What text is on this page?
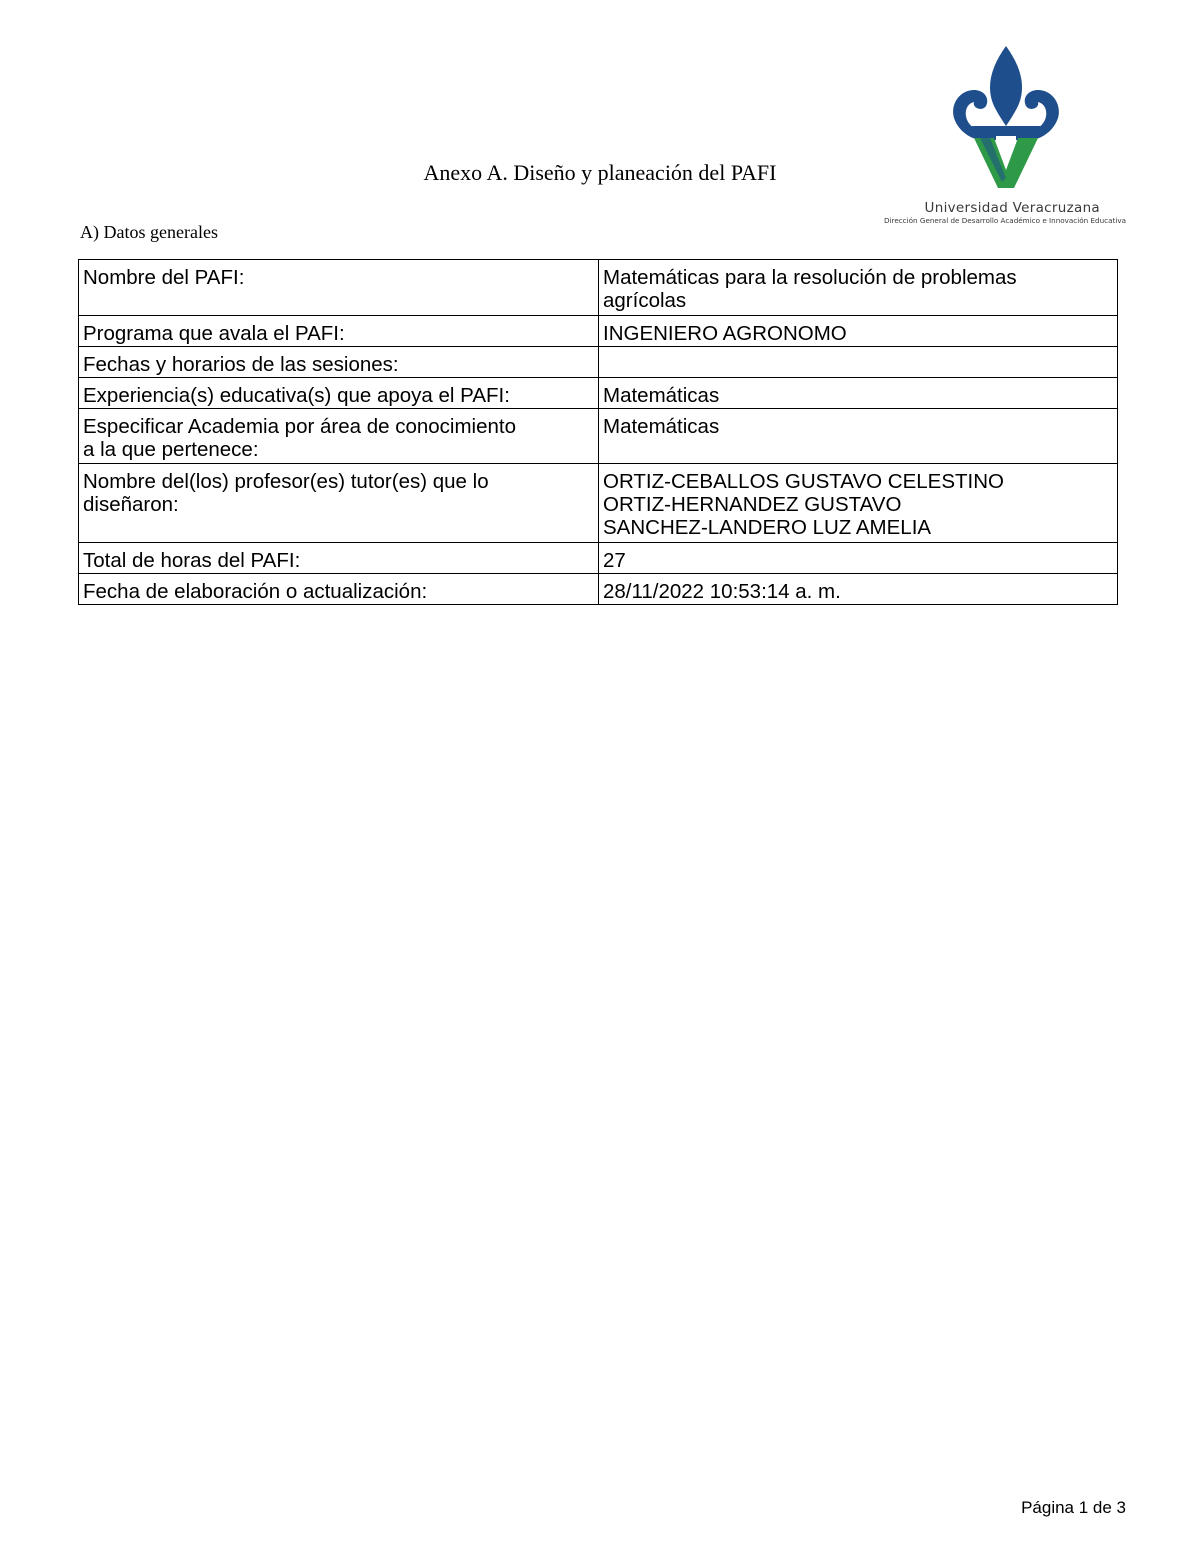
Universidad Veracruzana
Dirección General de Desarrollo Académico e Innovación Educativa
Anexo A. Diseño y planeación del PAFI
A) Datos generales
Nombre del PAFI:	Matemáticas para la resolución de problemas
agrícolas

Programa que avala el PAFI:	INGENIERO AGRONOMO

Fechas y horarios de las sesiones:	

Experiencia(s) educativa(s) que apoya el PAFI:	Matemáticas

Especificar Academia por área de conocimiento
a la que pertenece:	Matemáticas

Nombre del(los) profesor(es) tutor(es) que lo
diseñaron:	ORTIZ-CEBALLOS GUSTAVO CELESTINO
ORTIZ-HERNANDEZ GUSTAVO
SANCHEZ-LANDERO LUZ AMELIA

Total de horas del PAFI:	27

Fecha de elaboración o actualización:	28/11/2022 10:53:14 a. m.
Página 1 de 3
